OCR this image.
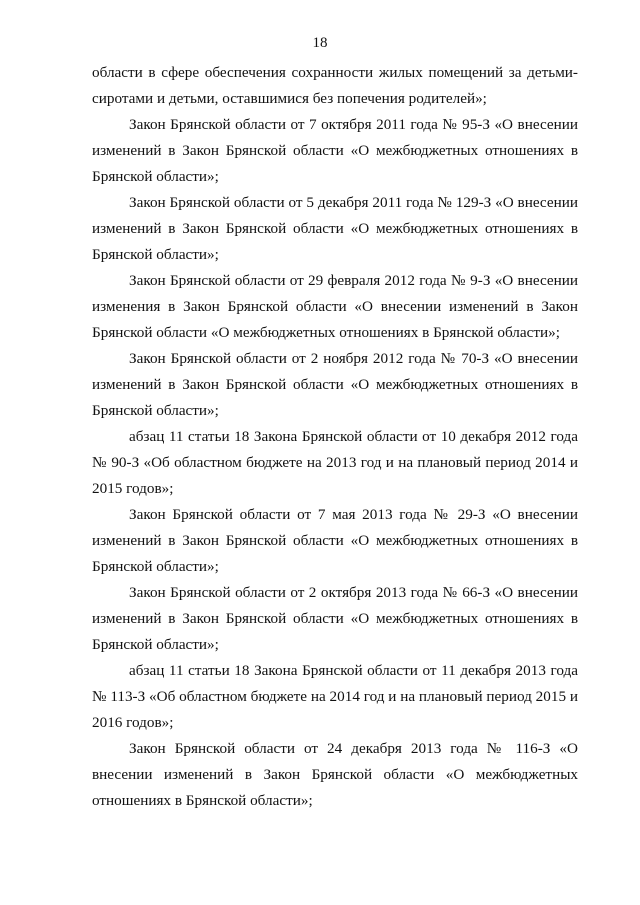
18

области в сфере обеспечения сохранности жилых помещений за детьми-сиротами и детьми, оставшимися без попечения родителей»;

Закон Брянской области от 7 октября 2011 года № 95-З «О внесении изменений в Закон Брянской области «О межбюджетных отношениях в Брянской области»;

Закон Брянской области от 5 декабря 2011 года № 129-З «О внесении изменений в Закон Брянской области «О межбюджетных отношениях в Брянской области»;

Закон Брянской области от 29 февраля 2012 года № 9-З «О внесении изменения в Закон Брянской области «О внесении изменений в Закон Брянской области «О межбюджетных отношениях в Брянской области»;

Закон Брянской области от 2 ноября 2012 года № 70-З «О внесении изменений в Закон Брянской области «О межбюджетных отношениях в Брянской области»;

абзац 11 статьи 18 Закона Брянской области от 10 декабря 2012 года № 90-З «Об областном бюджете на 2013 год и на плановый период 2014 и 2015 годов»;

Закон Брянской области от 7 мая 2013 года № 29-З «О внесении изменений в Закон Брянской области «О межбюджетных отношениях в Брянской области»;

Закон Брянской области от 2 октября 2013 года № 66-З «О внесении изменений в Закон Брянской области «О межбюджетных отношениях в Брянской области»;

абзац 11 статьи 18 Закона Брянской области от 11 декабря 2013 года № 113-З «Об областном бюджете на 2014 год и на плановый период 2015 и 2016 годов»;

Закон Брянской области от 24 декабря 2013 года № 116-З «О внесении изменений в Закон Брянской области «О межбюджетных отношениях в Брянской области»;
